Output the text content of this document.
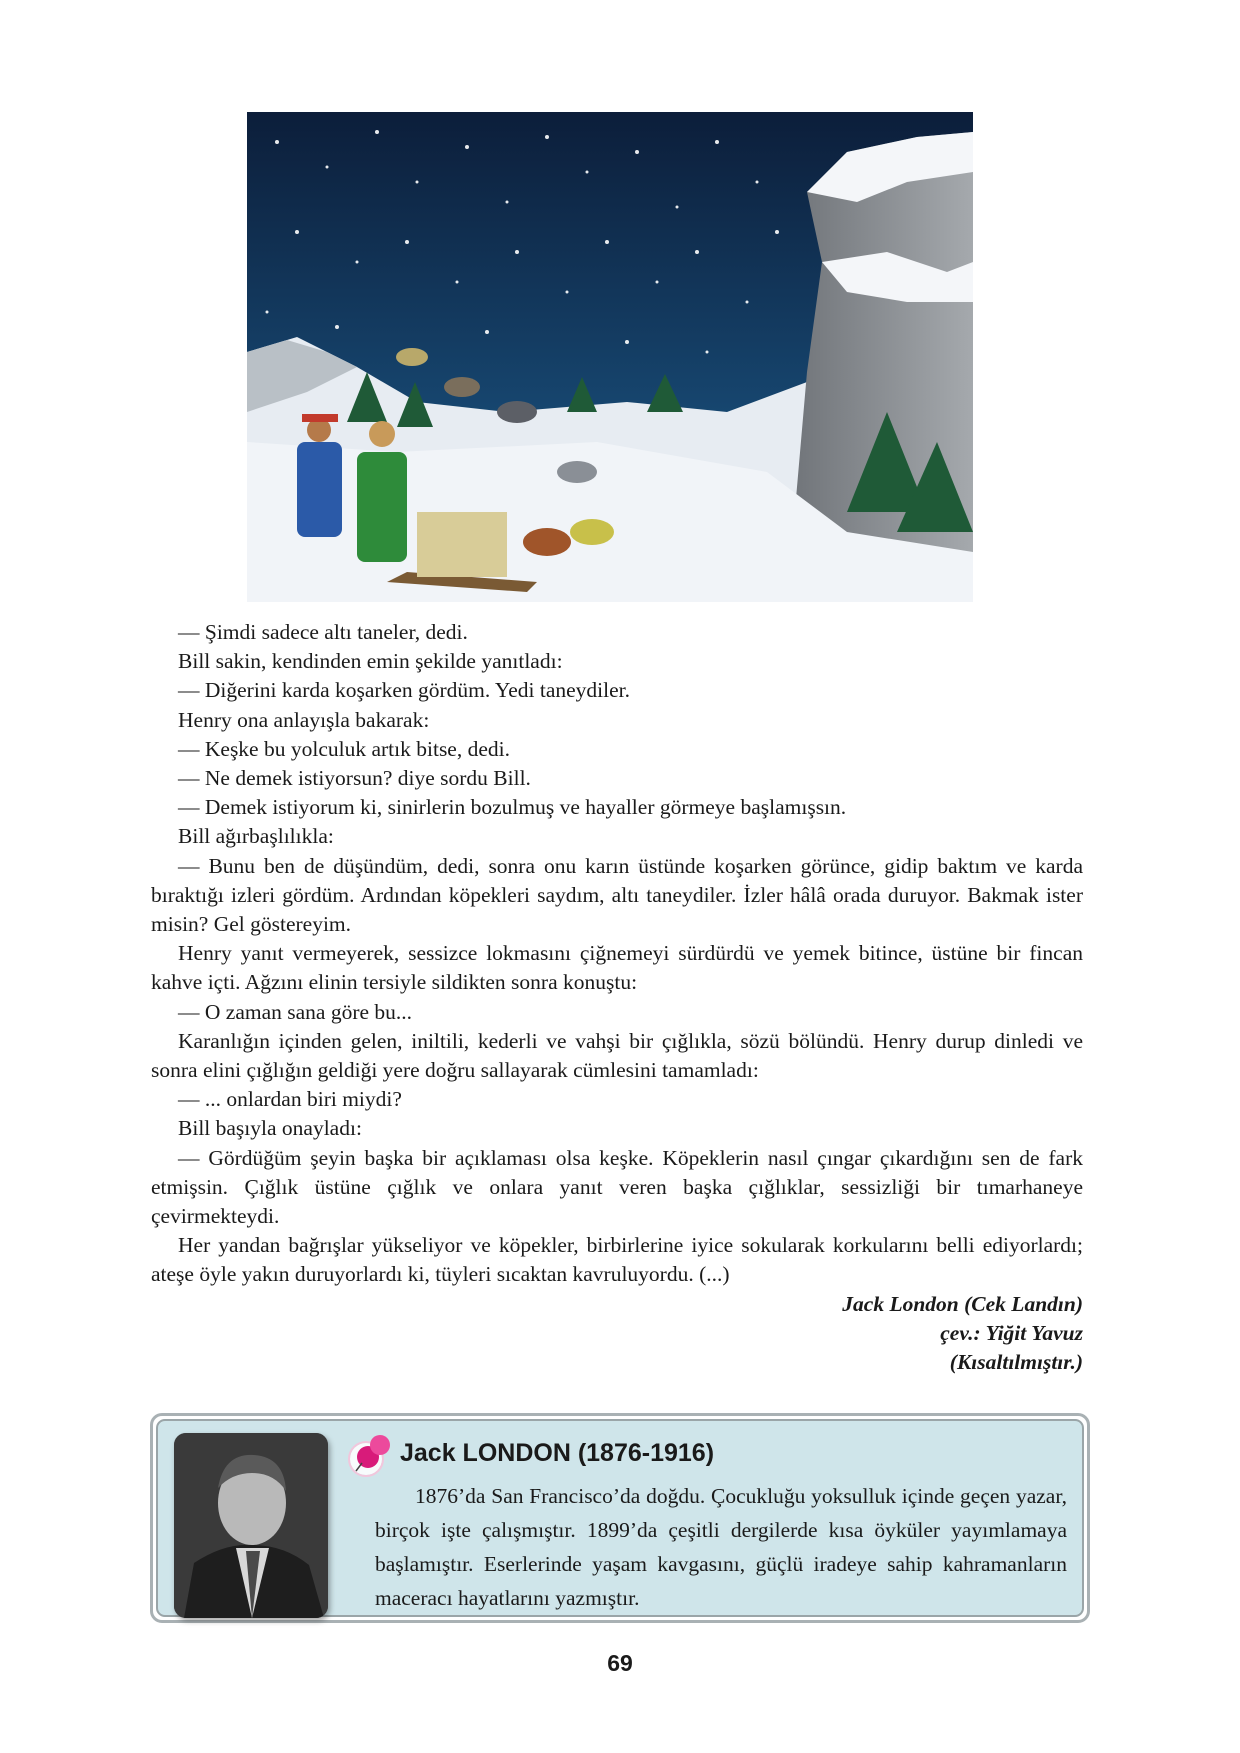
— Şimdi sadece altı taneler, dedi.

Bill sakin, kendinden emin şekilde yanıtladı:

— Diğerini karda koşarken gördüm. Yedi taneydiler.

Henry ona anlayışla bakarak:

— Keşke bu yolculuk artık bitse, dedi.

— Ne demek istiyorsun? diye sordu Bill.

— Demek istiyorum ki, sinirlerin bozulmuş ve hayaller görmeye başlamışsın.

Bill ağırbaşlılıkla:

— Bunu ben de düşündüm, dedi, sonra onu karın üstünde koşarken görünce, gidip baktım ve karda bıraktığı izleri gördüm. Ardından köpekleri saydım, altı taneydiler. İzler hâlâ orada duruyor. Bakmak ister misin? Gel göstereyim.

Henry yanıt vermeyerek, sessizce lokmasını çiğnemeyi sürdürdü ve yemek bitince, üstüne bir fincan kahve içti. Ağzını elinin tersiyle sildikten sonra konuştu:

— O zaman sana göre bu...

Karanlığın içinden gelen, iniltili, kederli ve vahşi bir çığlıkla, sözü bölündü. Henry durup dinledi ve sonra elini çığlığın geldiği yere doğru sallayarak cümlesini tamamladı:

— ... onlardan biri miydi?

Bill başıyla onayladı:

— Gördüğüm şeyin başka bir açıklaması olsa keşke. Köpeklerin nasıl çıngar çıkardığını sen de fark etmişsin. Çığlık üstüne çığlık ve onlara yanıt veren başka çığlıklar, sessizliği bir tımarhaneye çevirmekteydi.

Her yandan bağrışlar yükseliyor ve köpekler, birbirlerine iyice sokularak korkularını belli ediyorlardı; ateşe öyle yakın duruyorlardı ki, tüyleri sıcaktan kavruluyordu. (...)

Jack London (Cek Landın)

çev.: Yiğit Yavuz

(Kısaltılmıştır.)

Jack LONDON (1876-1916)

1876’da San Francisco’da doğdu. Çocukluğu yoksulluk içinde geçen yazar, birçok işte çalışmıştır. 1899’da çeşitli dergilerde kısa öyküler yayımlamaya başlamıştır. Eserlerinde yaşam kavgasını, güçlü iradeye sahip kahramanların maceracı hayatlarını yazmıştır.

69
